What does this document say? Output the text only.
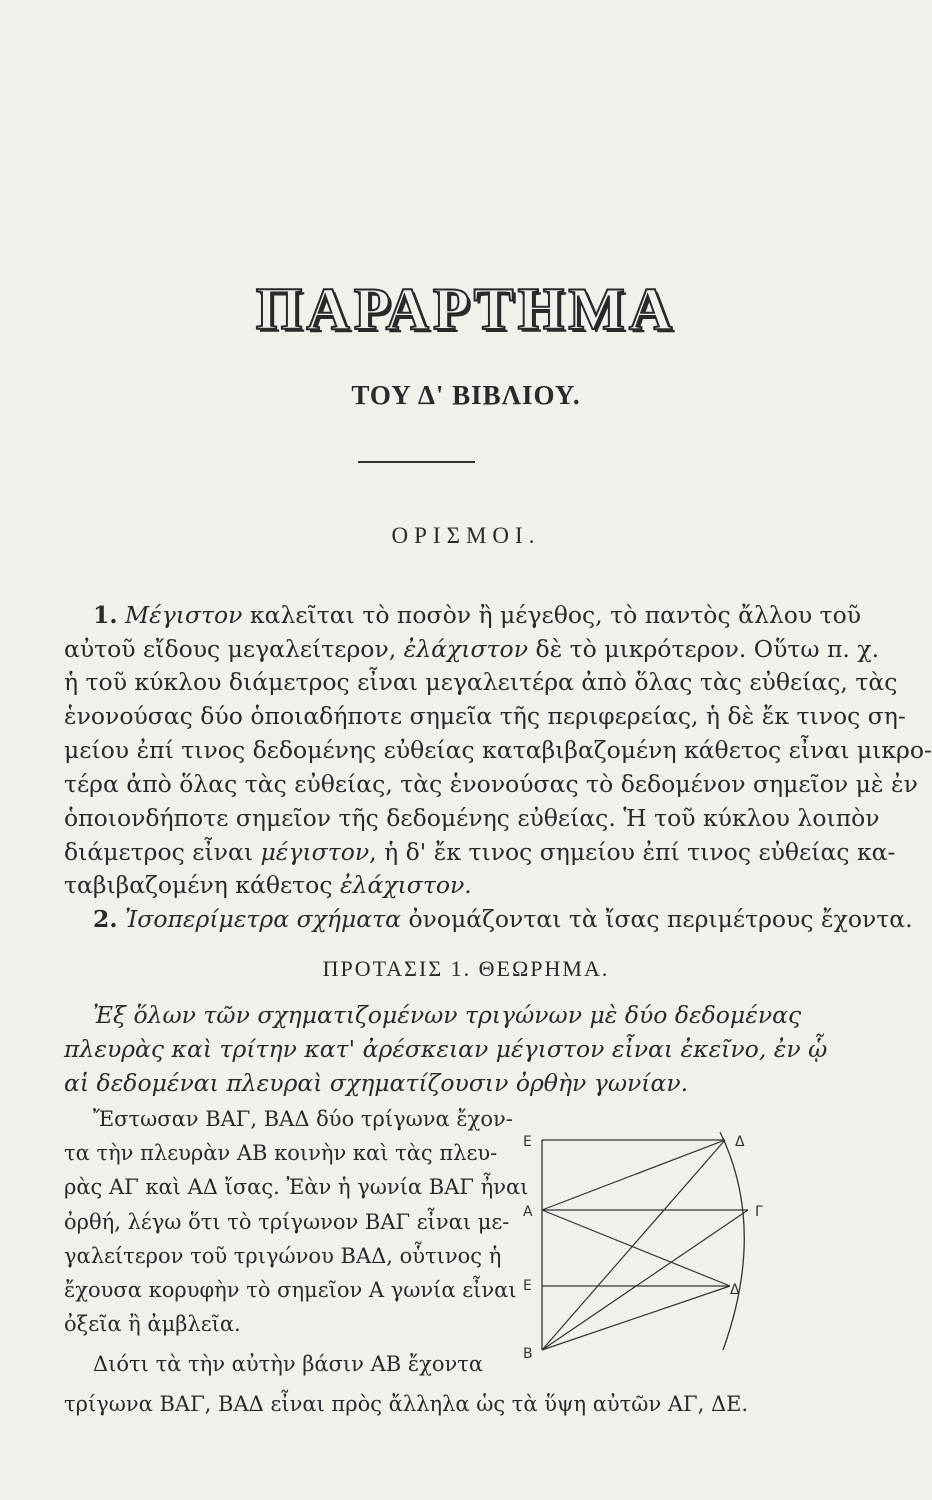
ΠΑΡΑΡΤΗΜΑ
ΤΟΥ Δ' ΒΙΒΛΙΟΥ.
ΟΡΙΣΜΟΙ.
1. Μέγιστον καλεῖται τὸ ποσὸν ἢ μέγεθος, τὸ παντὸς ἄλλου τοῦ
αὐτοῦ εἴδους μεγαλείτερον, ἐλάχιστον δὲ τὸ μικρότερον. Οὕτω π. χ.
ἡ τοῦ κύκλου διάμετρος εἶναι μεγαλειτέρα ἀπὸ ὅλας τὰς εὐθείας, τὰς
ἑνονούσας δύο ὁποιαδήποτε σημεῖα τῆς περιφερείας, ἡ δὲ ἔκ τινος ση-
μείου ἐπί τινος δεδομένης εὐθείας καταβιβαζομένη κάθετος εἶναι μικρο-
τέρα ἀπὸ ὅλας τὰς εὐθείας, τὰς ἑνονούσας τὸ δεδομένον σημεῖον μὲ ἐν
ὁποιονδήποτε σημεῖον τῆς δεδομένης εὐθείας. Ἡ τοῦ κύκλου λοιπὸν
διάμετρος εἶναι μέγιστον, ἡ δ' ἔκ τινος σημείου ἐπί τινος εὐθείας κα-
ταβιβαζομένη κάθετος ἐλάχιστον.
2. Ἰσοπερίμετρα σχήματα ὀνομάζονται τὰ ἴσας περιμέτρους ἔχοντα.
ΠΡΟΤΑΣΙΣ 1. ΘΕΩΡΗΜΑ.
Ἐξ ὅλων τῶν σχηματιζομένων τριγώνων μὲ δύο δεδομένας
πλευρὰς καὶ τρίτην κατ' ἀρέσκειαν μέγιστον εἶναι ἐκεῖνο, ἐν ᾧ
αἱ δεδομέναι πλευραὶ σχηματίζουσιν ὀρθὴν γωνίαν.
Ἔστωσαν ΒΑΓ, ΒΑΔ δύο τρίγωνα ἔχον-
τα τὴν πλευρὰν ΑΒ κοινὴν καὶ τὰς πλευ-
ρὰς ΑΓ καὶ ΑΔ ἴσας. Ἐὰν ἡ γωνία ΒΑΓ ἦναι
ὀρθή, λέγω ὅτι τὸ τρίγωνον ΒΑΓ εἶναι με-
γαλείτερον τοῦ τριγώνου ΒΑΔ, οὗτινος ἡ
ἔχουσα κορυφὴν τὸ σημεῖον Α γωνία εἶναι
ὀξεῖα ἢ ἀμβλεῖα.
Διότι τὰ τὴν αὐτὴν βάσιν ΑΒ ἔχοντα
τρίγωνα ΒΑΓ, ΒΑΔ εἶναι πρὸς ἄλληλα ὡς τὰ ὕψη αὐτῶν ΑΓ, ΔΕ.
E	Δ
A	Γ
E	Δ
B
